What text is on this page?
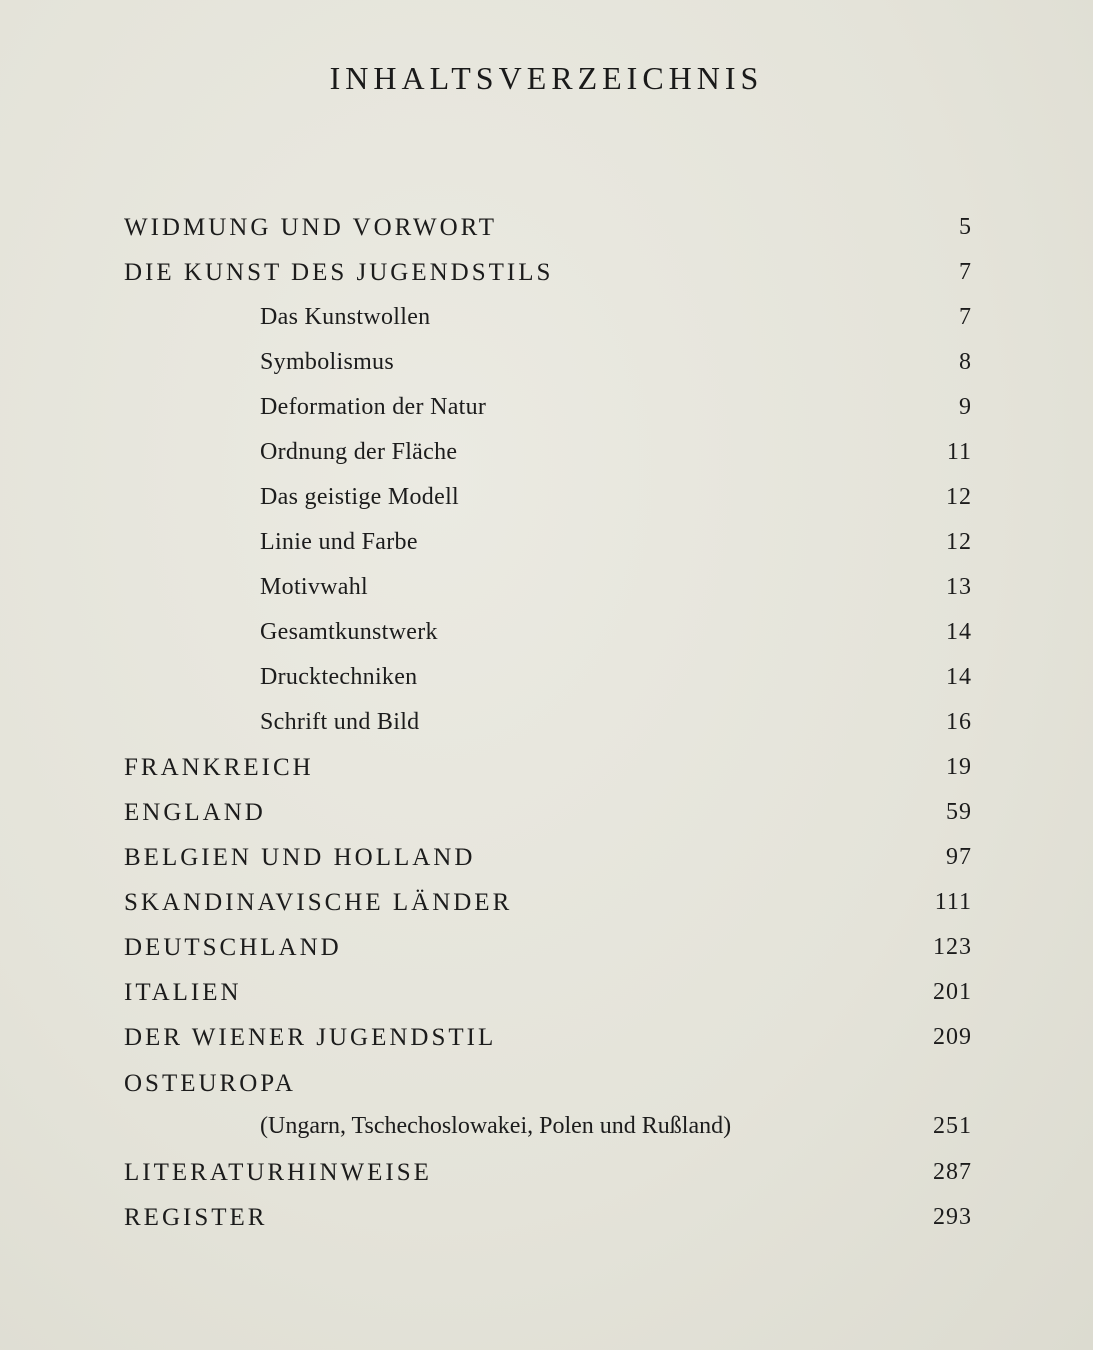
INHALTSVERZEICHNIS
WIDMUNG UND VORWORT	5
DIE KUNST DES JUGENDSTILS	7
Das Kunstwollen	7
Symbolismus	8
Deformation der Natur	9
Ordnung der Fläche	11
Das geistige Modell	12
Linie und Farbe	12
Motivwahl	13
Gesamtkunstwerk	14
Drucktechniken	14
Schrift und Bild	16
FRANKREICH	19
ENGLAND	59
BELGIEN UND HOLLAND	97
SKANDINAVISCHE LÄNDER	111
DEUTSCHLAND	123
ITALIEN	201
DER WIENER JUGENDSTIL	209
OSTEUROPA
(Ungarn, Tschechoslowakei, Polen und Rußland)	251
LITERATURHINWEISE	287
REGISTER	293
